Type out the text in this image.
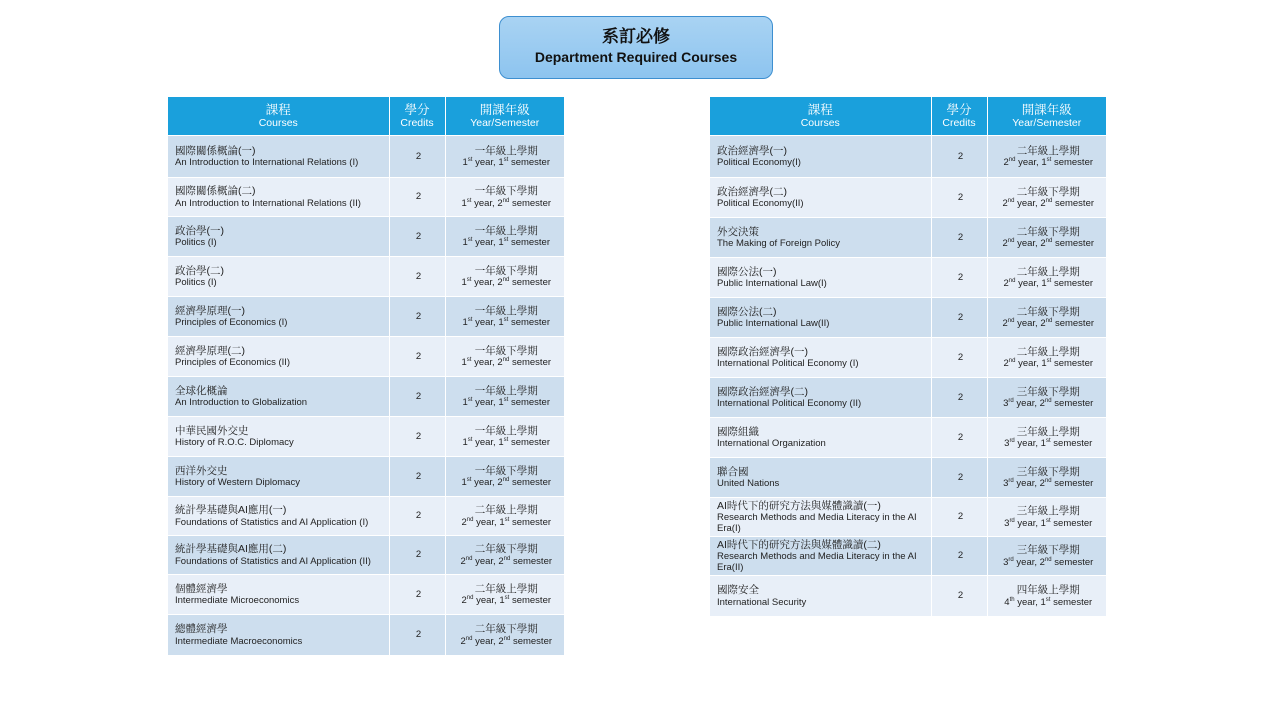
系訂必修
Department Required Courses
課程
Courses	學分
Credits	開課年級
Year/Semester

國際關係概論(一)
An Introduction to International Relations (I)	2	一年級上學期
1st year, 1st semester

國際關係概論(二)
An Introduction to International Relations (II)	2	一年級下學期
1st year, 2nd semester

政治學(一)
Politics (I)	2	一年級上學期
1st year, 1st semester

政治學(二)
Politics (I)	2	一年級下學期
1st year, 2nd semester

經濟學原理(一)
Principles of Economics (I)	2	一年級上學期
1st year, 1st semester

經濟學原理(二)
Principles of Economics (II)	2	一年級下學期
1st year, 2nd semester

全球化概論
An Introduction to Globalization	2	一年級上學期
1st year, 1st semester

中華民國外交史
History of R.O.C. Diplomacy	2	一年級上學期
1st year, 1st semester

西洋外交史
History of Western Diplomacy	2	一年級下學期
1st year, 2nd semester

統計學基礎與AI應用(一)
Foundations of Statistics and AI Application (I)	2	二年級上學期
2nd year, 1st semester

統計學基礎與AI應用(二)
Foundations of Statistics and AI Application (II)	2	二年級下學期
2nd year, 2nd semester

個體經濟學
Intermediate Microeconomics	2	二年級上學期
2nd year, 1st semester

總體經濟學
Intermediate Macroeconomics	2	二年級下學期
2nd year, 2nd semester
課程
Courses	學分
Credits	開課年級
Year/Semester

政治經濟學(一)
Political Economy(I)	2	二年級上學期
2nd year, 1st semester

政治經濟學(二)
Political Economy(II)	2	二年級下學期
2nd year, 2nd semester

外交決策
The Making of Foreign Policy	2	二年級下學期
2nd year, 2nd semester

國際公法(一)
Public International Law(I)	2	二年級上學期
2nd year, 1st semester

國際公法(二)
Public International Law(II)	2	二年級下學期
2nd year, 2nd semester

國際政治經濟學(一)
International Political Economy (I)	2	二年級上學期
2nd year, 1st semester

國際政治經濟學(二)
International Political Economy (II)	2	三年級下學期
3rd year, 2nd semester

國際組織
International Organization	2	三年級上學期
3rd year, 1st semester

聯合國
United Nations	2	三年級下學期
3rd year, 2nd semester

AI時代下的研究方法與媒體識讀(一)
Research Methods and Media Literacy in the AI Era(I)	2	三年級上學期
3rd year, 1st semester

AI時代下的研究方法與媒體識讀(二)
Research Methods and Media Literacy in the AI Era(II)	2	三年級下學期
3rd year, 2nd semester

國際安全
International Security	2	四年級上學期
4th year, 1st semester
